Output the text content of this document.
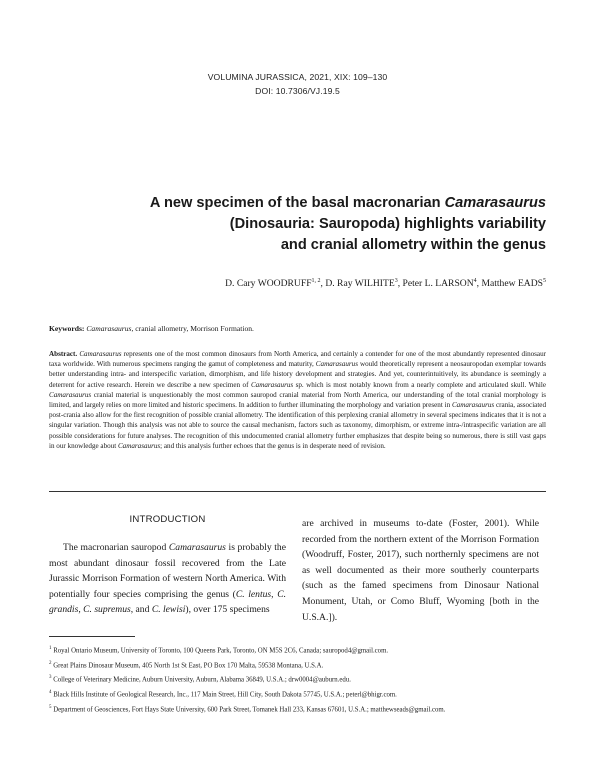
VOLUMINA JURASSICA, 2021, XIX: 109–130
DOI: 10.7306/VJ.19.5
A new specimen of the basal macronarian Camarasaurus
(Dinosauria: Sauropoda) highlights variability
and cranial allometry within the genus
D. Cary WOODRUFF$^{1, 2}$, D. Ray WILHITE$^3$, Peter L. LARSON$^4$, Matthew EADS$^5$
Keywords: Camarasaurus, cranial allometry, Morrison Formation.
Abstract. Camarasaurus represents one of the most common dinosaurs from North America, and certainly a contender for one of the most abundantly represented dinosaur taxa worldwide. With numerous specimens ranging the gamut of completeness and maturity, Camarasaurus would theoretically represent a neosauropodan exemplar towards better understanding intra- and interspecific variation, dimorphism, and life history development and strategies. And yet, counterintuitively, its abundance is seemingly a deterrent for active research. Herein we describe a new specimen of Camarasaurus sp. which is most notably known from a nearly complete and articulated skull. While Camarasaurus cranial material is unquestionably the most common sauropod cranial material from North America, our understanding of the total cranial morphology is limited, and largely relies on more limited and historic specimens. In addition to further illuminating the morphology and variation present in Camarasaurus crania, associated post-crania also allow for the first recognition of possible cranial allometry. The identification of this perplexing cranial allometry in several specimens indicates that it is not a singular variation. Though this analysis was not able to source the causal mechanism, factors such as taxonomy, dimorphism, or extreme intra-/intraspecific variation are all possible considerations for future analyses. The recognition of this undocumented cranial allometry further emphasizes that despite being so numerous, there is still vast gaps in our knowledge about Camarasaurus; and this analysis further echoes that the genus is in desperate need of revision.
INTRODUCTION

The macronarian sauropod Camarasaurus is probably the most abundant dinosaur fossil recovered from the Late Jurassic Morrison Formation of western North America. With potentially four species comprising the genus (C. lentus, C. grandis, C. supremus, and C. lewisi), over 175 specimens

are archived in museums to-date (Foster, 2001). While recorded from the northern extent of the Morrison Formation (Woodruff, Foster, 2017), such northernly specimens are not as well documented as their more southerly counterparts (such as the famed specimens from Dinosaur National Monument, Utah, or Como Bluff, Wyoming [both in the U.S.A.]).

$^1$ Royal Ontario Museum, University of Toronto, 100 Queens Park, Toronto, ON M5S 2C6, Canada; sauropod4@gmail.com.
$^2$ Great Plains Dinosaur Museum, 405 North 1st St East, PO Box 170 Malta, 59538 Montana, U.S.A.
$^3$ College of Veterinary Medicine, Auburn University, Auburn, Alabama 36849, U.S.A.; drw0004@auburn.edu.
$^4$ Black Hills Institute of Geological Research, Inc., 117 Main Street, Hill City, South Dakota 57745, U.S.A.; peterl@bhigr.com.
$^5$ Department of Geosciences, Fort Hays State University, 600 Park Street, Tomanek Hall 233, Kansas 67601, U.S.A.; matthewseads@gmail.com.
